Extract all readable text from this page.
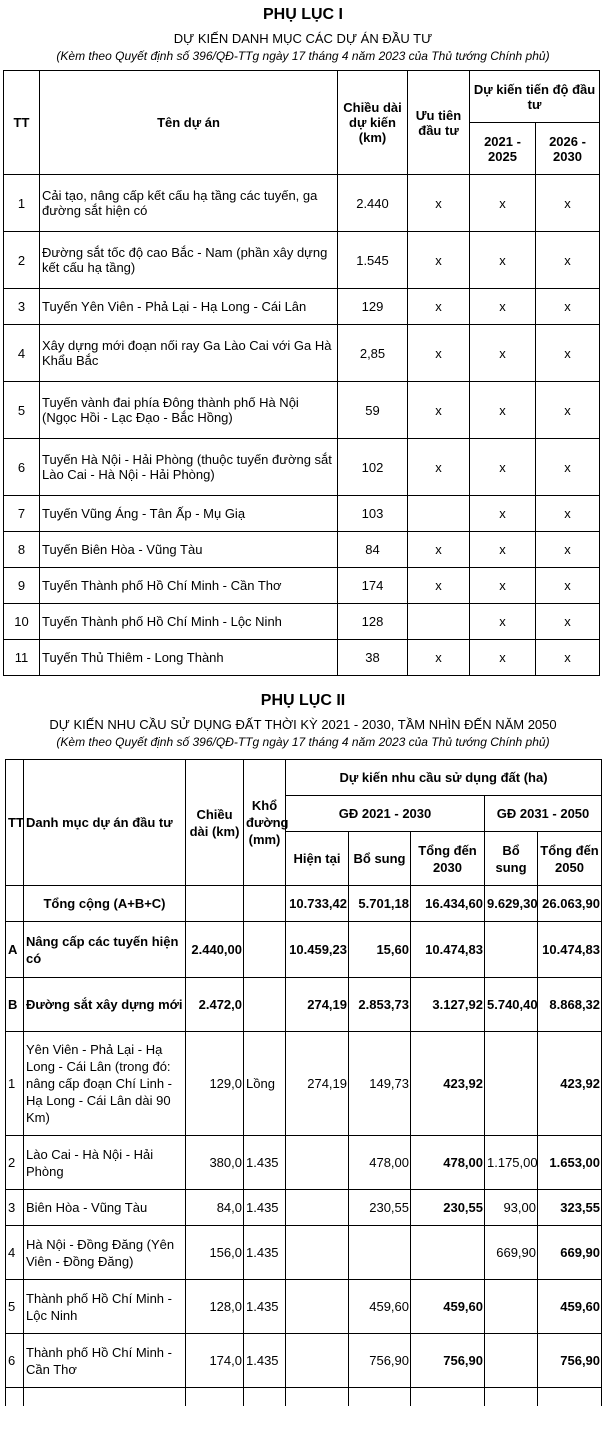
PHỤ LỤC I

DỰ KIẾN DANH MỤC CÁC DỰ ÁN ĐẦU TƯ

(Kèm theo Quyết định số 396/QĐ-TTg ngày 17 tháng 4 năm 2023 của Thủ tướng Chính phủ)

TT	Tên dự án	Chiều dài dự kiến (km)	Ưu tiên đầu tư	Dự kiến tiến độ đầu tư	
				2021 - 2025	2026 - 2030
1	Cải tạo, nâng cấp kết cấu hạ tầng các tuyến, ga đường sắt hiện có	2.440	x	x	x
2	Đường sắt tốc độ cao Bắc - Nam (phần xây dựng kết cấu hạ tầng)	1.545	x	x	x
3	Tuyến Yên Viên - Phả Lại - Hạ Long - Cái Lân	129	x	x	x
4	Xây dựng mới đoạn nối ray Ga Lào Cai với Ga Hà Khẩu Bắc	2,85	x	x	x
5	Tuyến vành đai phía Đông thành phố Hà Nội (Ngọc Hồi - Lạc Đạo - Bắc Hồng)	59	x	x	x
6	Tuyến Hà Nội - Hải Phòng (thuộc tuyến đường sắt Lào Cai - Hà Nội - Hải Phòng)	102	x	x	x
7	Tuyến Vũng Áng - Tân Ấp - Mụ Giạ	103		x	x
8	Tuyến Biên Hòa - Vũng Tàu	84	x	x	x
9	Tuyến Thành phố Hồ Chí Minh - Cần Thơ	174	x	x	x
10	Tuyến Thành phố Hồ Chí Minh - Lộc Ninh	128		x	x
11	Tuyến Thủ Thiêm - Long Thành	38	x	x	x

PHỤ LỤC II

DỰ KIẾN NHU CẦU SỬ DỤNG ĐẤT THỜI KỲ 2021 - 2030, TẦM NHÌN ĐẾN NĂM 2050

(Kèm theo Quyết định số 396/QĐ-TTg ngày 17 tháng 4 năm 2023 của Thủ tướng Chính phủ)

TT	Danh mục dự án đầu tư	Chiều dài (km)	Khổ đường (mm)	Dự kiến nhu cầu sử dụng đất (ha)				
				GĐ 2021 - 2030			GĐ 2031 - 2050	
				Hiện tại	Bổ sung	Tổng đến 2030	Bổ sung	Tổng đến 2050
	Tổng cộng (A+B+C)			10.733,42	5.701,18	16.434,60	9.629,30	26.063,90
A	Nâng cấp các tuyến hiện có	2.440,00		10.459,23	15,60	10.474,83		10.474,83
B	Đường sắt xây dựng mới	2.472,0		274,19	2.853,73	3.127,92	5.740,40	8.868,32
1	Yên Viên - Phả Lại - Hạ Long - Cái Lân (trong đó: nâng cấp đoạn Chí Linh - Hạ Long - Cái Lân dài 90 Km)	129,0	Lồng	274,19	149,73	423,92		423,92
2	Lào Cai - Hà Nội - Hải Phòng	380,0	1.435		478,00	478,00	1.175,00	1.653,00
3	Biên Hòa - Vũng Tàu	84,0	1.435		230,55	230,55	93,00	323,55
4	Hà Nội - Đồng Đăng (Yên Viên - Đồng Đăng)	156,0	1.435				669,90	669,90
5	Thành phố Hồ Chí Minh - Lộc Ninh	128,0	1.435		459,60	459,60		459,60
6	Thành phố Hồ Chí Minh - Cần Thơ	174,0	1.435		756,90	756,90		756,90
